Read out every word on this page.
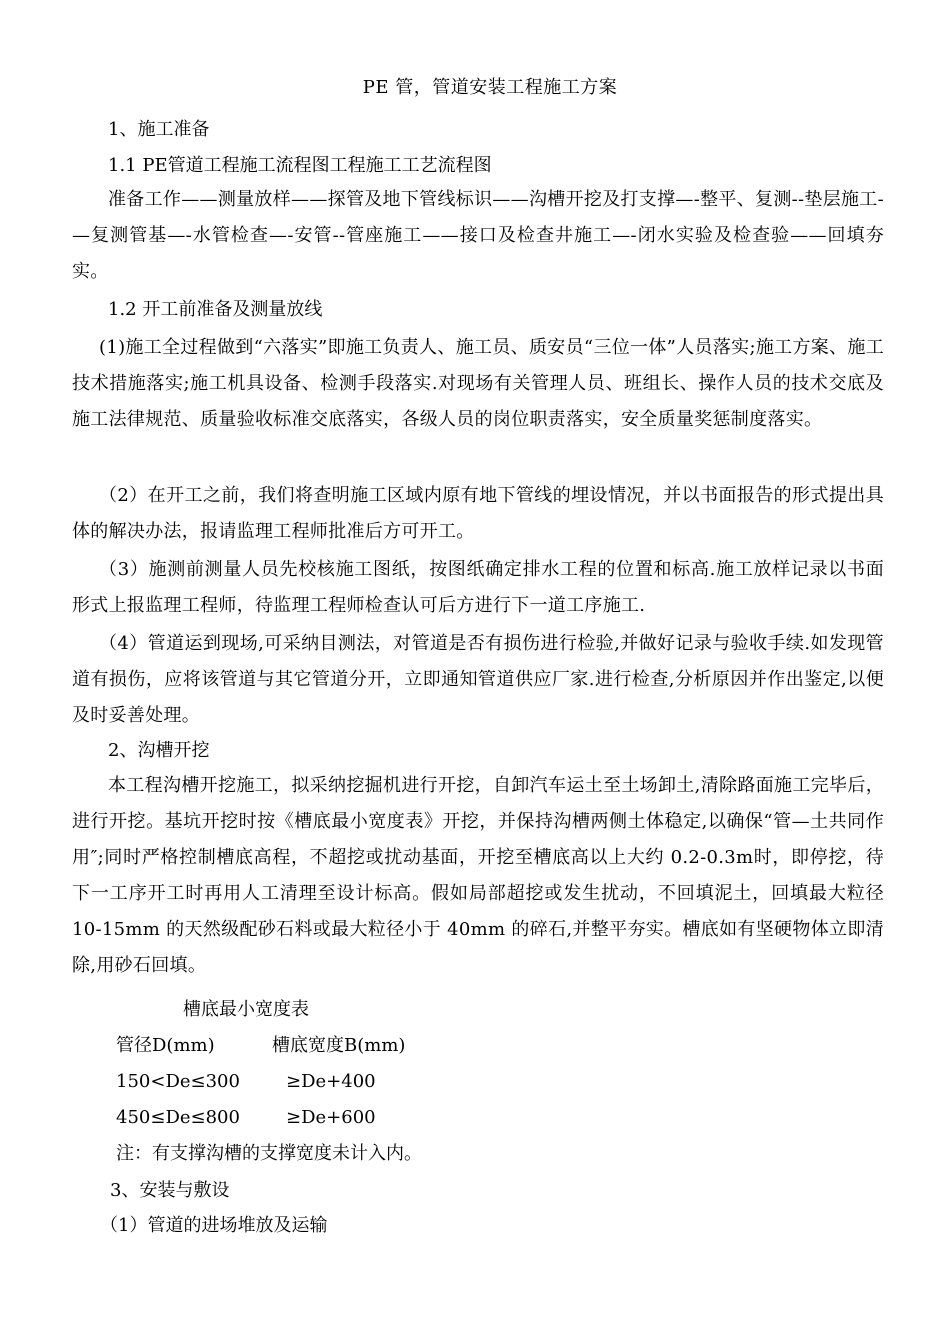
PE 管，管道安装工程施工方案
1、施工准备
1.1 PE管道工程施工流程图工程施工工艺流程图
准备工作——测量放样——探管及地下管线标识——沟槽开挖及打支撑—-整平、复测--垫层施工-—复测管基—-水管检查—-安管--管座施工——接口及检查井施工—-闭水实验及检查验——回填夯实。
1.2 开工前准备及测量放线
(1)施工全过程做到“六落实”即施工负责人、施工员、质安员“三位一体”人员落实;施工方案、施工技术措施落实;施工机具设备、检测手段落实.对现场有关管理人员、班组长、操作人员的技术交底及施工法律规范、质量验收标准交底落实，各级人员的岗位职责落实，安全质量奖惩制度落实。
（2）在开工之前，我们将查明施工区域内原有地下管线的埋设情况，并以书面报告的形式提出具体的解决办法，报请监理工程师批准后方可开工。
（3）施测前测量人员先校核施工图纸，按图纸确定排水工程的位置和标高.施工放样记录以书面形式上报监理工程师，待监理工程师检查认可后方进行下一道工序施工.
（4）管道运到现场,可采纳目测法，对管道是否有损伤进行检验,并做好记录与验收手续.如发现管道有损伤，应将该管道与其它管道分开，立即通知管道供应厂家.进行检查,分析原因并作出鉴定,以便及时妥善处理。
2、沟槽开挖
本工程沟槽开挖施工，拟采纳挖掘机进行开挖，自卸汽车运土至土场卸土,清除路面施工完毕后，进行开挖。基坑开挖时按《槽底最小宽度表》开挖，并保持沟槽两侧土体稳定,以确保“管—土共同作用″;同时严格控制槽底高程，不超挖或扰动基面，开挖至槽底高以上大约 0.2-0.3m时，即停挖，待下一工序开工时再用人工清理至设计标高。假如局部超挖或发生扰动，不回填泥土，回填最大粒径 10-15mm 的天然级配砂石料或最大粒径小于 40mm 的碎石,并整平夯实。槽底如有坚硬物体立即清除,用砂石回填。
槽底最小宽度表
管径D(mm)	槽底宽度B(mm)
150<De≤300	≥De+400
450≤De≤800	≥De+600
注：有支撑沟槽的支撑宽度未计入内。
3、安装与敷设
（1）管道的进场堆放及运输
